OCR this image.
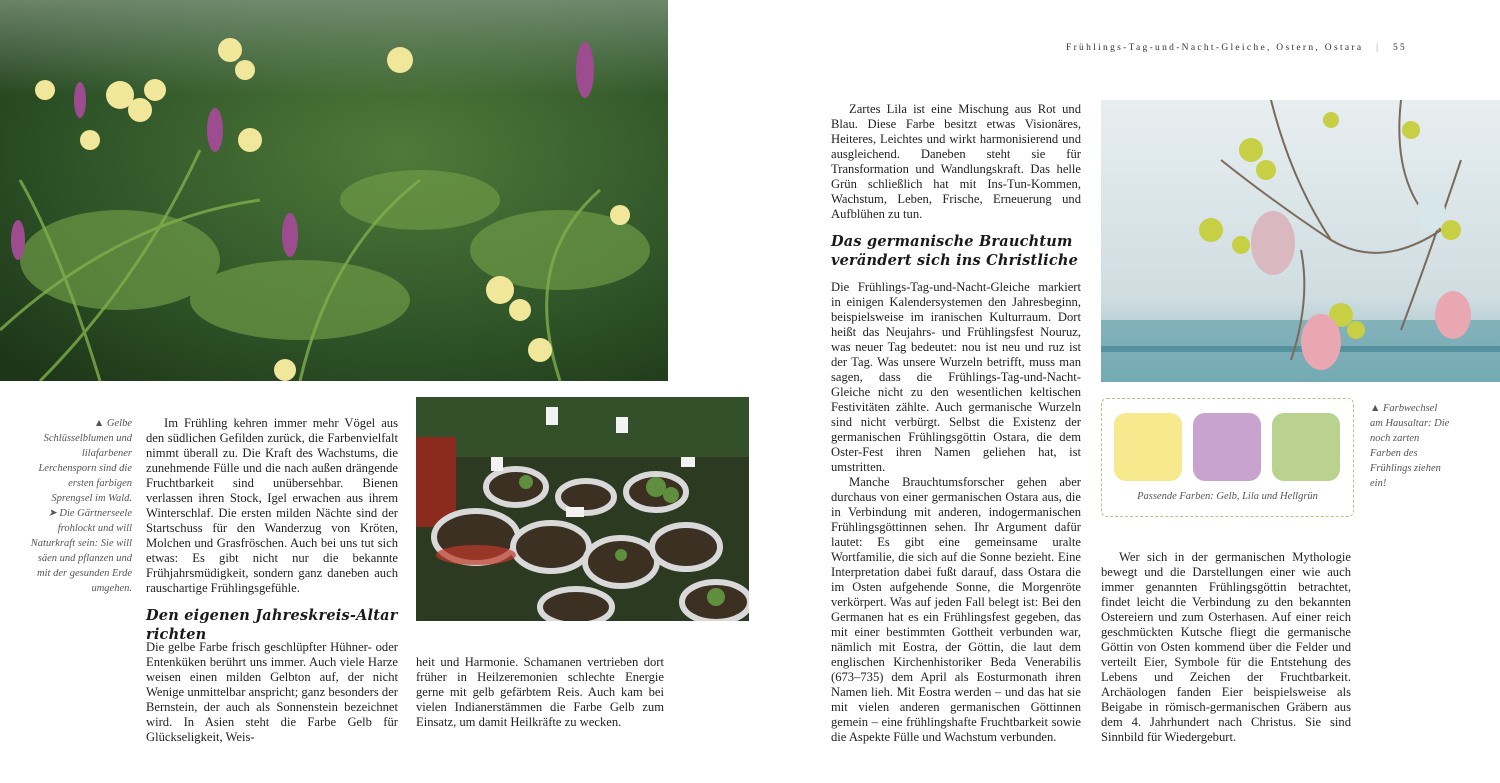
▲ Gelbe Schlüsselblumen und lilafarbener Lerchensporn sind die ersten farbigen Sprengsel im Wald.
➤ Die Gärtnerseele frohlockt und will Naturkraft sein: Sie will säen und pflanzen und mit der gesunden Erde umgehen.

Im Frühling kehren immer mehr Vögel aus den südlichen Gefilden zurück, die Farbenvielfalt nimmt überall zu. Die Kraft des Wachstums, die zunehmende Fülle und die nach außen drängende Fruchtbarkeit sind unübersehbar. Bienen verlassen ihren Stock, Igel erwachen aus ihrem Winterschlaf. Die ersten milden Nächte sind der Startschuss für den Wanderzug von Kröten, Molchen und Grasfröschen. Auch bei uns tut sich etwas: Es gibt nicht nur die bekannte Frühjahrsmüdigkeit, sondern ganz daneben auch rauschartige Frühlingsgefühle.

Den eigenen Jahreskreis-Altar richten

Die gelbe Farbe frisch geschlüpfter Hühner- oder Entenküken berührt uns immer. Auch viele Harze weisen einen milden Gelbton auf, der nicht Wenige unmittelbar anspricht; ganz besonders der Bernstein, der auch als Sonnenstein bezeichnet wird. In Asien steht die Farbe Gelb für Glückseligkeit, Weis-

heit und Harmonie. Schamanen vertrieben dort früher in Heilzeremonien schlechte Energie gerne mit gelb gefärbtem Reis. Auch kam bei vielen Indianerstämmen die Farbe Gelb zum Einsatz, um damit Heilkräfte zu wecken.

Frühlings-Tag-und-Nacht-Gleiche, Ostern, Ostara | 55

Zartes Lila ist eine Mischung aus Rot und Blau. Diese Farbe besitzt etwas Visionäres, Heiteres, Leichtes und wirkt harmonisierend und ausgleichend. Daneben steht sie für Transformation und Wandlungskraft. Das helle Grün schließlich hat mit Ins-Tun-Kommen, Wachstum, Leben, Frische, Erneuerung und Aufblühen zu tun.

Das germanische Brauchtum verändert sich ins Christliche

Die Frühlings-Tag-und-Nacht-Gleiche markiert in einigen Kalendersystemen den Jahresbeginn, beispielsweise im iranischen Kulturraum. Dort heißt das Neujahrs- und Frühlingsfest Nouruz, was neuer Tag bedeutet: nou ist neu und ruz ist der Tag. Was unsere Wurzeln betrifft, muss man sagen, dass die Frühlings-Tag-und-Nacht-Gleiche nicht zu den wesentlichen keltischen Festivitäten zählte. Auch germanische Wurzeln sind nicht verbürgt. Selbst die Existenz der germanischen Frühlingsgöttin Ostara, die dem Oster-Fest ihren Namen geliehen hat, ist umstritten.

Manche Brauchtumsforscher gehen aber durchaus von einer germanischen Ostara aus, die in Verbindung mit anderen, indogermanischen Frühlingsgöttinnen sehen. Ihr Argument dafür lautet: Es gibt eine gemeinsame uralte Wortfamilie, die sich auf die Sonne bezieht. Eine Interpretation dabei fußt darauf, dass Ostara die im Osten aufgehende Sonne, die Morgenröte verkörpert. Was auf jeden Fall belegt ist: Bei den Germanen hat es ein Frühlingsfest gegeben, das mit einer bestimmten Gottheit verbunden war, nämlich mit Eostra, der Göttin, die laut dem englischen Kirchenhistoriker Beda Venerabilis (673–735) dem April als Eosturmonath ihren Namen lieh. Mit Eostra werden – und das hat sie mit vielen anderen germanischen Göttinnen gemein – eine frühlingshafte Fruchtbarkeit sowie die Aspekte Fülle und Wachstum verbunden.

Passende Farben: Gelb, Lila und Hellgrün
▲ Farbwechsel am Hausaltar: Die noch zarten Farben des Frühlings ziehen ein!

Wer sich in der germanischen Mythologie bewegt und die Darstellungen einer wie auch immer genannten Frühlingsgöttin betrachtet, findet leicht die Verbindung zu den bekannten Ostereiern und zum Osterhasen. Auf einer reich geschmückten Kutsche fliegt die germanische Göttin von Osten kommend über die Felder und verteilt Eier, Symbole für die Entstehung des Lebens und Zeichen der Fruchtbarkeit. Archäologen fanden Eier beispielsweise als Beigabe in römisch-germanischen Gräbern aus dem 4. Jahrhundert nach Christus. Sie sind Sinnbild für Wiedergeburt.
